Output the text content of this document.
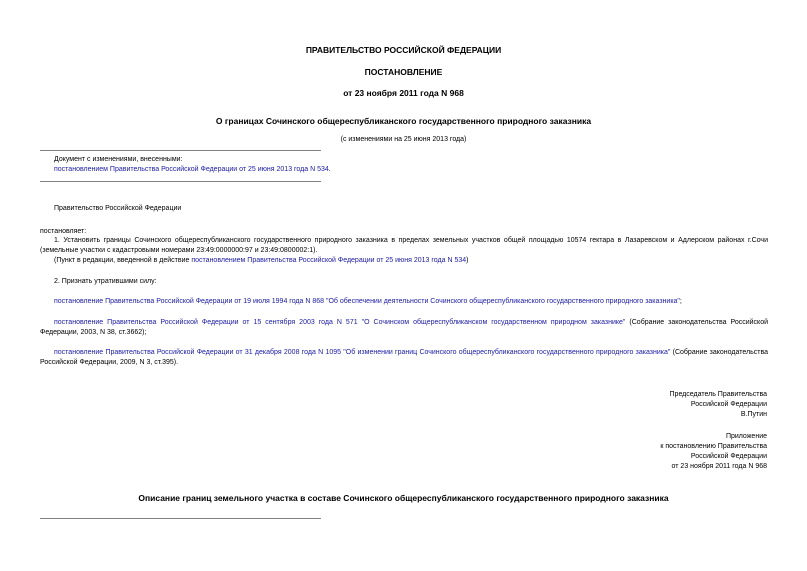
ПРАВИТЕЛЬСТВО РОССИЙСКОЙ ФЕДЕРАЦИИ
ПОСТАНОВЛЕНИЕ
от 23 ноября 2011 года N 968
О границах Сочинского общереспубликанского государственного природного заказника
(с изменениями на 25 июня 2013 года)
Документ с изменениями, внесенными:
постановлением Правительства Российской Федерации от 25 июня 2013 года N 534.
Правительство Российской Федерации
постановляет:
1. Установить границы Сочинского общереспубликанского государственного природного заказника в пределах земельных участков общей площадью 10574 гектара в Лазаревском и Адлерском районах г.Сочи (земельные участки с кадастровыми номерами 23:49:0000000:97 и 23:49:0800002:1).
(Пункт в редакции, введенной в действие постановлением Правительства Российской Федерации от 25 июня 2013 года N 534)
2. Признать утратившими силу:
постановление Правительства Российской Федерации от 19 июля 1994 года N 868 "Об обеспечении деятельности Сочинского общереспубликанского государственного природного заказника";
постановление Правительства Российской Федерации от 15 сентября 2003 года N 571 "О Сочинском общереспубликанском государственном природном заказнике" (Собрание законодательства Российской Федерации, 2003, N 38, ст.3662);
постановление Правительства Российской Федерации от 31 декабря 2008 года N 1095 "Об изменении границ Сочинского общереспубликанского государственного природного заказника" (Собрание законодательства Российской Федерации, 2009, N 3, ст.395).
Председатель Правительства
Российской Федерации
В.Путин
Приложение
к постановлению Правительства
Российской Федерации
от 23 ноября 2011 года N 968
Описание границ земельного участка в составе Сочинского общереспубликанского государственного природного заказника
